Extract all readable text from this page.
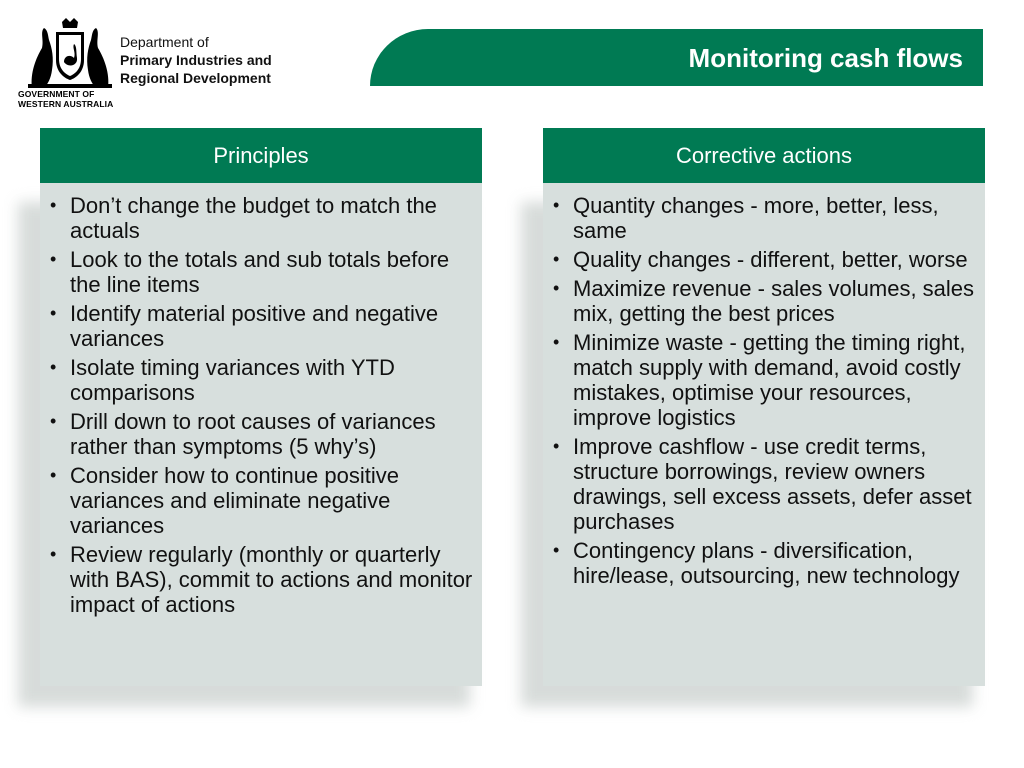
GOVERNMENT OF
WESTERN AUSTRALIA
Department of
Primary Industries and
Regional Development
Monitoring cash flows
Principles
• Don’t change the budget to match the actuals
• Look to the totals and sub totals before the line items
• Identify material positive and negative variances
• Isolate timing variances with YTD comparisons
• Drill down to root causes of variances rather than symptoms (5 why’s)
• Consider how to continue positive variances and eliminate negative variances
• Review regularly (monthly or quarterly with BAS), commit to actions and monitor impact of actions
Corrective actions
• Quantity changes - more, better, less, same
• Quality changes - different, better, worse
• Maximize revenue - sales volumes, sales mix, getting the best prices
• Minimize waste - getting the timing right, match supply with demand, avoid costly mistakes, optimise your resources, improve logistics
• Improve cashflow - use credit terms, structure borrowings, review owners drawings, sell excess assets, defer asset purchases
• Contingency plans - diversification, hire/lease, outsourcing, new technology
